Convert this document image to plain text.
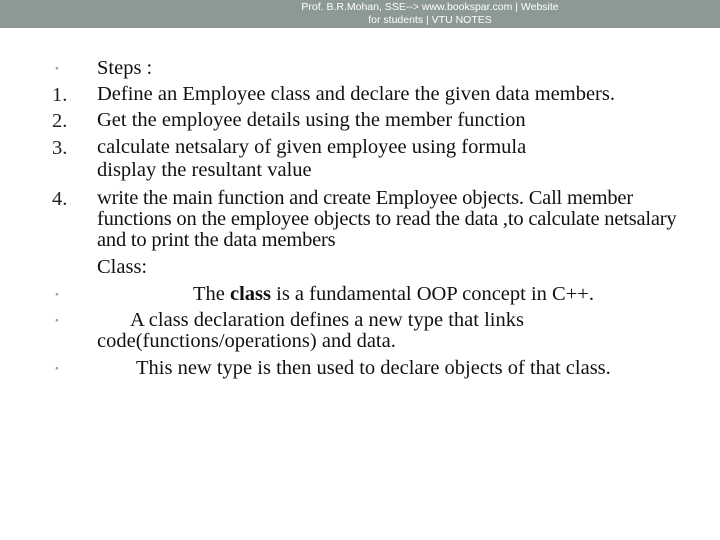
Prof. B.R.Mohan, SSE--> www.bookspar.com | Website
for students | VTU NOTES
• Steps :
1. Define an Employee class and declare the given data members.
2. Get the employee details using the member function
3. calculate netsalary of given employee using formula
display the resultant value
4. write the main function and create Employee objects. Call member functions on the employee objects to read the data ,to calculate netsalary and to print the data members
Class:
•	The class is a fundamental OOP concept in C++.
•	A class declaration defines a new type that links code(functions/operations) and data.
•	This new type is then used to declare objects of that class.
